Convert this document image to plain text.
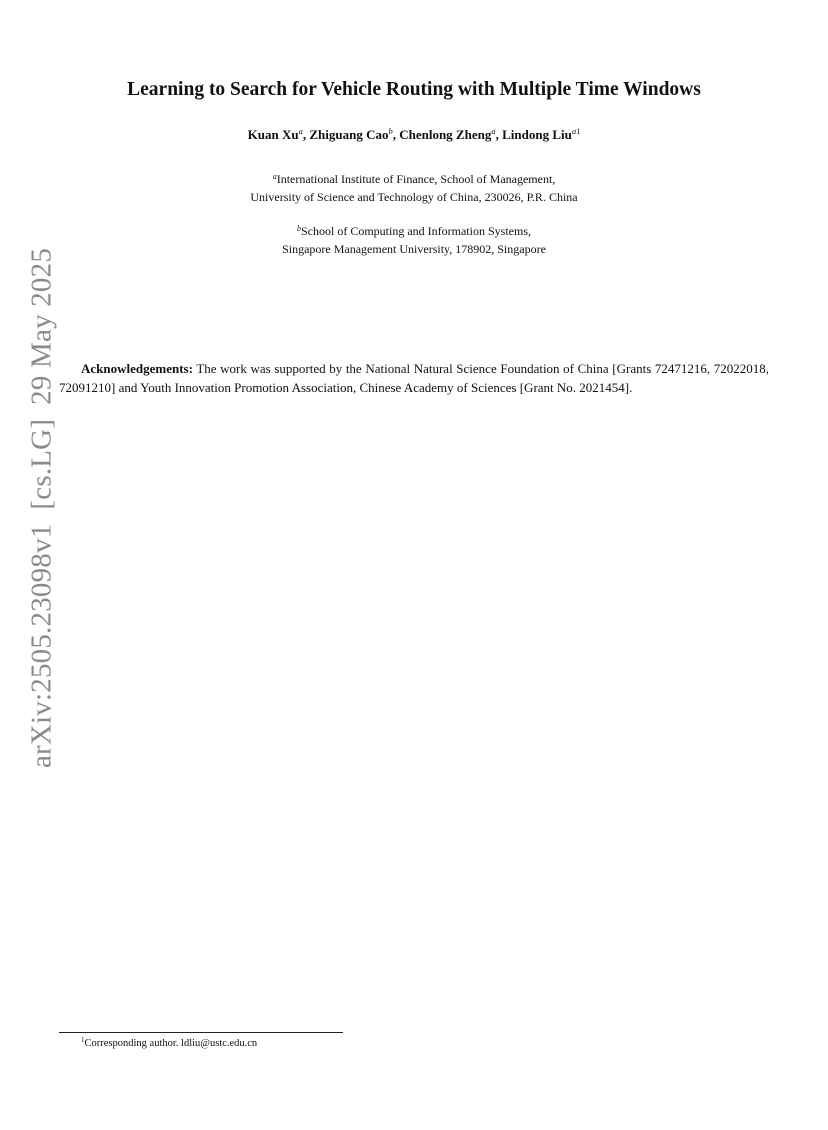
arXiv:2505.23098v1[cs.LG]29 May 2025
Learning to Search for Vehicle Routing with Multiple Time Windows
Kuan Xu$^a$, Zhiguang Cao$^b$, Chenlong Zheng$^a$, Lindong Liu$^{a1}$
$^a$International Institute of Finance, School of Management,
University of Science and Technology of China, 230026, P.R. China
$^b$School of Computing and Information Systems,
Singapore Management University, 178902, Singapore
Acknowledgements: The work was supported by the National Natural Science Foundation of China [Grants 72471216, 72022018, 72091210] and Youth Innovation Promotion Association, Chinese Academy of Sciences [Grant No. 2021454].
$^1$Corresponding author. ldliu@ustc.edu.cn
